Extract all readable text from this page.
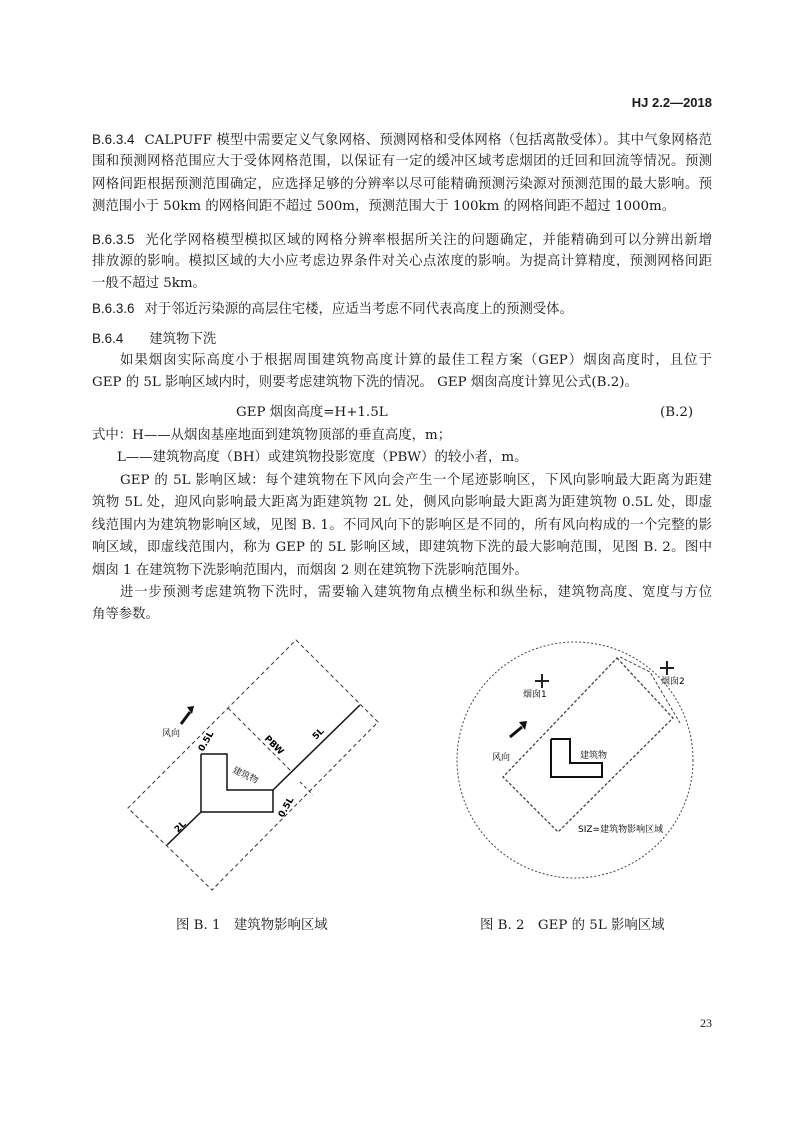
HJ 2.2—2018
B.6.3.4 CALPUFF 模型中需要定义气象网格、预测网格和受体网格（包括离散受体）。其中气象网格范
围和预测网格范围应大于受体网格范围，以保证有一定的缓冲区域考虑烟团的迁回和回流等情况。预测
网格间距根据预测范围确定，应选择足够的分辨率以尽可能精确预测污染源对预测范围的最大影响。预
测范围小于 50km 的网格间距不超过 500m，预测范围大于 100km 的网格间距不超过 1000m。
B.6.3.5 光化学网格模型模拟区域的网格分辨率根据所关注的问题确定，并能精确到可以分辨出新增
排放源的影响。模拟区域的大小应考虑边界条件对关心点浓度的影响。为提高计算精度，预测网格间距
一般不超过 5km。
B.6.3.6 对于邻近污染源的高层住宅楼，应适当考虑不同代表高度上的预测受体。
B.6.4 建筑物下洗
如果烟囱实际高度小于根据周围建筑物高度计算的最佳工程方案（GEP）烟囱高度时，且位于
GEP 的 5L 影响区域内时，则要考虑建筑物下洗的情况。 GEP 烟囱高度计算见公式(B.2)。
GEP 烟囱高度=H+1.5L	(B.2)
式中：H——从烟囱基座地面到建筑物顶部的垂直高度，m；
L——建筑物高度（BH）或建筑物投影宽度（PBW）的较小者，m。
GEP 的 5L 影响区域：每个建筑物在下风向会产生一个尾迹影响区，下风向影响最大距离为距建
筑物 5L 处，迎风向影响最大距离为距建筑物 2L 处，侧风向影响最大距离为距建筑物 0.5L 处，即虚
线范围内为建筑物影响区域，见图 B. 1。不同风向下的影响区是不同的，所有风向构成的一个完整的影
响区域，即虚线范围内，称为 GEP 的 5L 影响区域，即建筑物下洗的最大影响范围，见图 B. 2。图中
烟囱 1 在建筑物下洗影响范围内，而烟囱 2 则在建筑物下洗影响范围外。
进一步预测考虑建筑物下洗时，需要输入建筑物角点横坐标和纵坐标，建筑物高度、宽度与方位
角等参数。
风向
建筑物
0.5L	PBW	5L
0.5L
2L
烟囱1
烟囱2
风向	建筑物
SIZ=建筑物影响区域
图 B. 1　建筑物影响区域	图 B. 2　GEP 的 5L 影响区域
23
